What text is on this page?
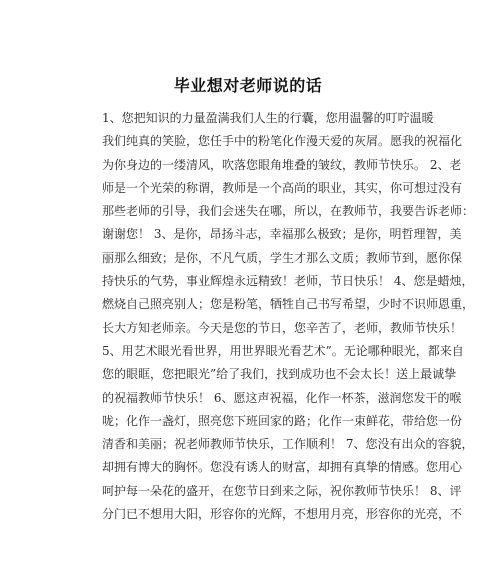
毕业想对老师说的话
1、您把知识的力量盈满我们人生的行囊，您用温馨的叮咛温暖
我们纯真的笑脸，您任手中的粉笔化作漫天爱的灰屑。愿我的祝福化
为你身边的一缕清风，吹落您眼角堆叠的皱纹，教师节快乐。 2、老
师是一个光荣的称谓，教师是一个高尚的职业，其实，你可想过没有
那些老师的引导，我们会迷失在哪，所以，在教师节，我要告诉老师：
谢谢您！ 3、是你，昂扬斗志，幸福那么极致；是你，明哲理智，美
丽那么细致；是你，不凡气质，学生才那么文质；教师节到，愿你保
持快乐的气势，事业辉煌永远精致！老师，节日快乐！ 4、您是蜡烛，
燃烧自己照亮别人；您是粉笔，牺牲自己书写希望，少时不识师恩重，
长大方知老师亲。今天是您的节日，您辛苦了，老师，教师节快乐！
5、用艺术眼光看世界，用世界眼光看艺术”。无论哪种眼光，都来自
您的眼眶，您把眼光”给了我们，找到成功也不会太长！送上最诚挚
的祝福教师节快乐！ 6、愿这声祝福，化作一杯茶，滋润您发干的喉
咙；化作一盏灯，照亮您下班回家的路；化作一束鲜花，带给您一份
清香和美丽；祝老师教师节快乐，工作顺利！ 7、您没有出众的容貌，
却拥有博大的胸怀。您没有诱人的财富，却拥有真挚的情感。您用心
呵护每一朵花的盛开，在您节日到来之际，祝你教师节快乐！ 8、评
分门已不想用大阳，形容你的光辉，不想用月亮，形容你的光亮，不
